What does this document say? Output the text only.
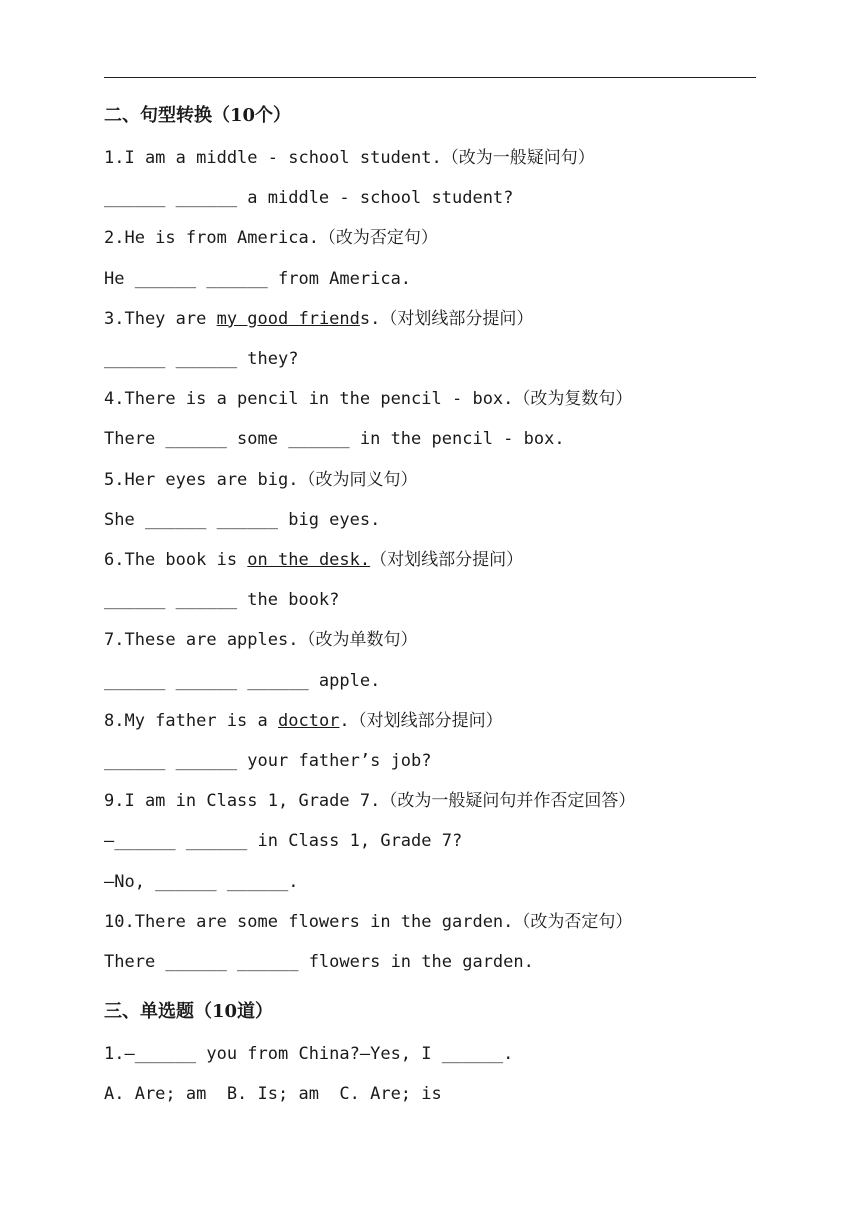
二、句型转换（10个）

1.I am a middle - school student.（改为一般疑问句）

______ ______ a middle - school student?

2.He is from America.（改为否定句）

He ______ ______ from America.

3.They are my good friends.（对划线部分提问）

______ ______ they?

4.There is a pencil in the pencil - box.（改为复数句）

There ______ some ______ in the pencil - box.

5.Her eyes are big.（改为同义句）

She ______ ______ big eyes.

6.The book is on the desk.（对划线部分提问）

______ ______ the book?

7.These are apples.（改为单数句）

______ ______ ______ apple.

8.My father is a doctor.（对划线部分提问）

______ ______ your father’s job?

9.I am in Class 1, Grade 7.（改为一般疑问句并作否定回答）

—______ ______ in Class 1, Grade 7?

—No, ______ ______.

10.There are some flowers in the garden.（改为否定句）

There ______ ______ flowers in the garden.

三、单选题（10道）

1.—______ you from China?—Yes, I ______.

A. Are; am  B. Is; am  C. Are; is
